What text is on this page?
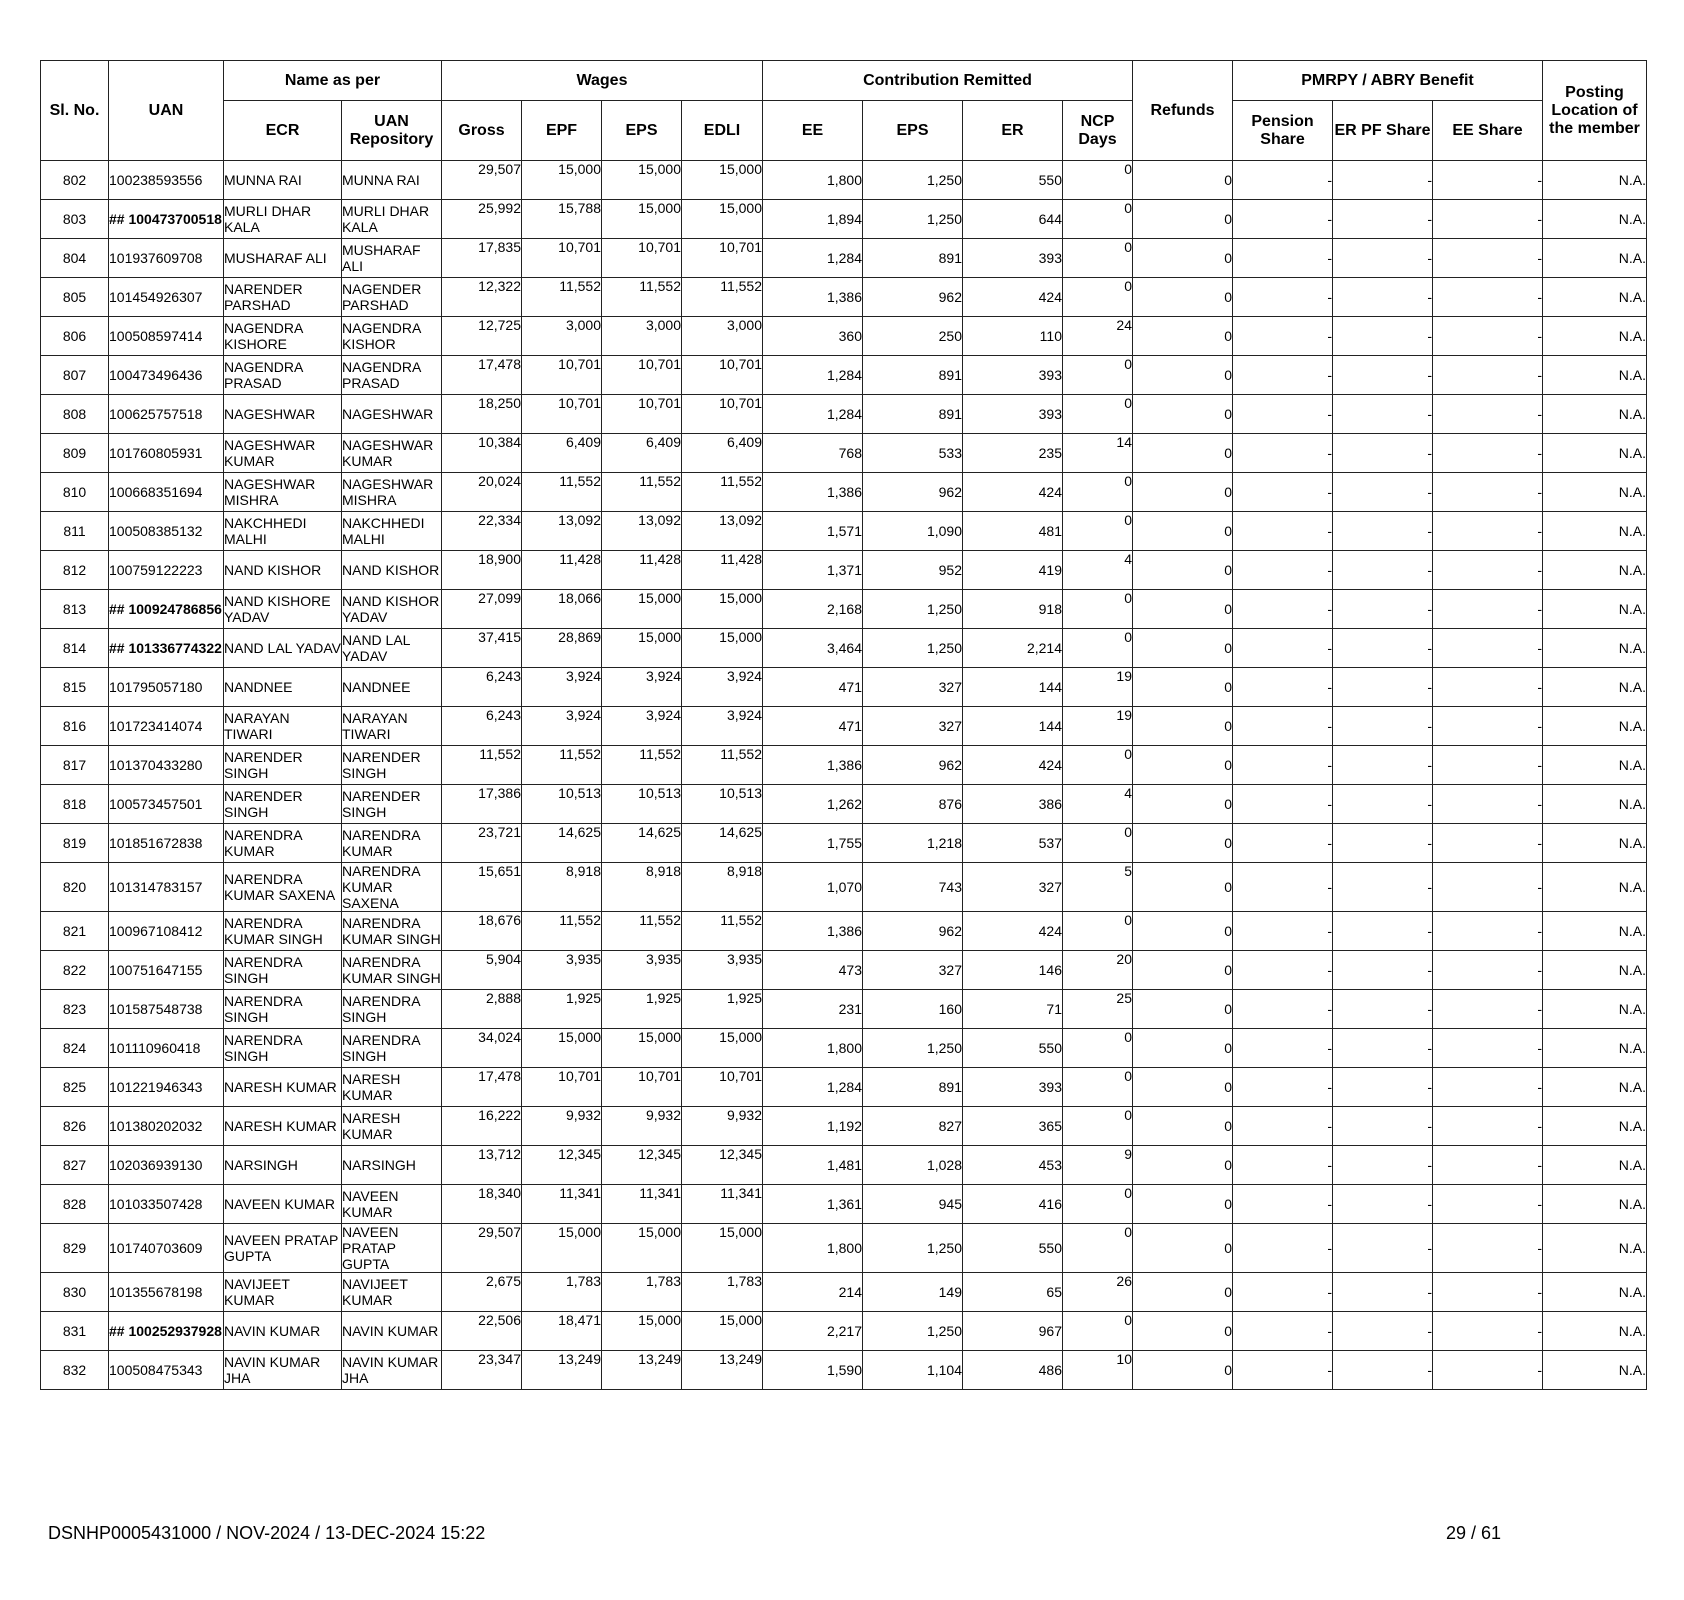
Sl. No.	UAN	Name as per		Wages				Contribution Remitted				Refunds	PMRPY / ABRY Benefit			Posting Location of the member
		ECR	UAN Repository	Gross	EPF	EPS	EDLI	EE	EPS	ER	NCP Days		Pension Share	ER PF Share	EE Share	
802	100238593556	MUNNA RAI	MUNNA RAI	29,507	15,000	15,000	15,000	1,800	1,250	550	0	0	-	-	-	N.A.
803	## 100473700518	MURLI DHAR KALA	MURLI DHAR KALA	25,992	15,788	15,000	15,000	1,894	1,250	644	0	0	-	-	-	N.A.
804	101937609708	MUSHARAF ALI	MUSHARAF ALI	17,835	10,701	10,701	10,701	1,284	891	393	0	0	-	-	-	N.A.
805	101454926307	NARENDER PARSHAD	NAGENDER PARSHAD	12,322	11,552	11,552	11,552	1,386	962	424	0	0	-	-	-	N.A.
806	100508597414	NAGENDRA KISHORE	NAGENDRA KISHOR	12,725	3,000	3,000	3,000	360	250	110	24	0	-	-	-	N.A.
807	100473496436	NAGENDRA PRASAD	NAGENDRA PRASAD	17,478	10,701	10,701	10,701	1,284	891	393	0	0	-	-	-	N.A.
808	100625757518	NAGESHWAR	NAGESHWAR	18,250	10,701	10,701	10,701	1,284	891	393	0	0	-	-	-	N.A.
809	101760805931	NAGESHWAR KUMAR	NAGESHWAR KUMAR	10,384	6,409	6,409	6,409	768	533	235	14	0	-	-	-	N.A.
810	100668351694	NAGESHWAR MISHRA	NAGESHWAR MISHRA	20,024	11,552	11,552	11,552	1,386	962	424	0	0	-	-	-	N.A.
811	100508385132	NAKCHHEDI MALHI	NAKCHHEDI MALHI	22,334	13,092	13,092	13,092	1,571	1,090	481	0	0	-	-	-	N.A.
812	100759122223	NAND KISHOR	NAND KISHOR	18,900	11,428	11,428	11,428	1,371	952	419	4	0	-	-	-	N.A.
813	## 100924786856	NAND KISHORE YADAV	NAND KISHOR YADAV	27,099	18,066	15,000	15,000	2,168	1,250	918	0	0	-	-	-	N.A.
814	## 101336774322	NAND LAL YADAV	NAND LAL YADAV	37,415	28,869	15,000	15,000	3,464	1,250	2,214	0	0	-	-	-	N.A.
815	101795057180	NANDNEE	NANDNEE	6,243	3,924	3,924	3,924	471	327	144	19	0	-	-	-	N.A.
816	101723414074	NARAYAN TIWARI	NARAYAN TIWARI	6,243	3,924	3,924	3,924	471	327	144	19	0	-	-	-	N.A.
817	101370433280	NARENDER SINGH	NARENDER SINGH	11,552	11,552	11,552	11,552	1,386	962	424	0	0	-	-	-	N.A.
818	100573457501	NARENDER SINGH	NARENDER SINGH	17,386	10,513	10,513	10,513	1,262	876	386	4	0	-	-	-	N.A.
819	101851672838	NARENDRA KUMAR	NARENDRA KUMAR	23,721	14,625	14,625	14,625	1,755	1,218	537	0	0	-	-	-	N.A.
820	101314783157	NARENDRA KUMAR SAXENA	NARENDRA KUMAR SAXENA	15,651	8,918	8,918	8,918	1,070	743	327	5	0	-	-	-	N.A.
821	100967108412	NARENDRA KUMAR SINGH	NARENDRA KUMAR SINGH	18,676	11,552	11,552	11,552	1,386	962	424	0	0	-	-	-	N.A.
822	100751647155	NARENDRA SINGH	NARENDRA KUMAR SINGH	5,904	3,935	3,935	3,935	473	327	146	20	0	-	-	-	N.A.
823	101587548738	NARENDRA SINGH	NARENDRA SINGH	2,888	1,925	1,925	1,925	231	160	71	25	0	-	-	-	N.A.
824	101110960418	NARENDRA SINGH	NARENDRA SINGH	34,024	15,000	15,000	15,000	1,800	1,250	550	0	0	-	-	-	N.A.
825	101221946343	NARESH KUMAR	NARESH KUMAR	17,478	10,701	10,701	10,701	1,284	891	393	0	0	-	-	-	N.A.
826	101380202032	NARESH KUMAR	NARESH KUMAR	16,222	9,932	9,932	9,932	1,192	827	365	0	0	-	-	-	N.A.
827	102036939130	NARSINGH	NARSINGH	13,712	12,345	12,345	12,345	1,481	1,028	453	9	0	-	-	-	N.A.
828	101033507428	NAVEEN KUMAR	NAVEEN KUMAR	18,340	11,341	11,341	11,341	1,361	945	416	0	0	-	-	-	N.A.
829	101740703609	NAVEEN PRATAP GUPTA	NAVEEN PRATAP GUPTA	29,507	15,000	15,000	15,000	1,800	1,250	550	0	0	-	-	-	N.A.
830	101355678198	NAVIJEET KUMAR	NAVIJEET KUMAR	2,675	1,783	1,783	1,783	214	149	65	26	0	-	-	-	N.A.
831	## 100252937928	NAVIN KUMAR	NAVIN KUMAR	22,506	18,471	15,000	15,000	2,217	1,250	967	0	0	-	-	-	N.A.
832	100508475343	NAVIN KUMAR JHA	NAVIN KUMAR JHA	23,347	13,249	13,249	13,249	1,590	1,104	486	10	0	-	-	-	N.A.
DSNHP0005431000 / NOV-2024 / 13-DEC-2024 15:22	29 / 61
